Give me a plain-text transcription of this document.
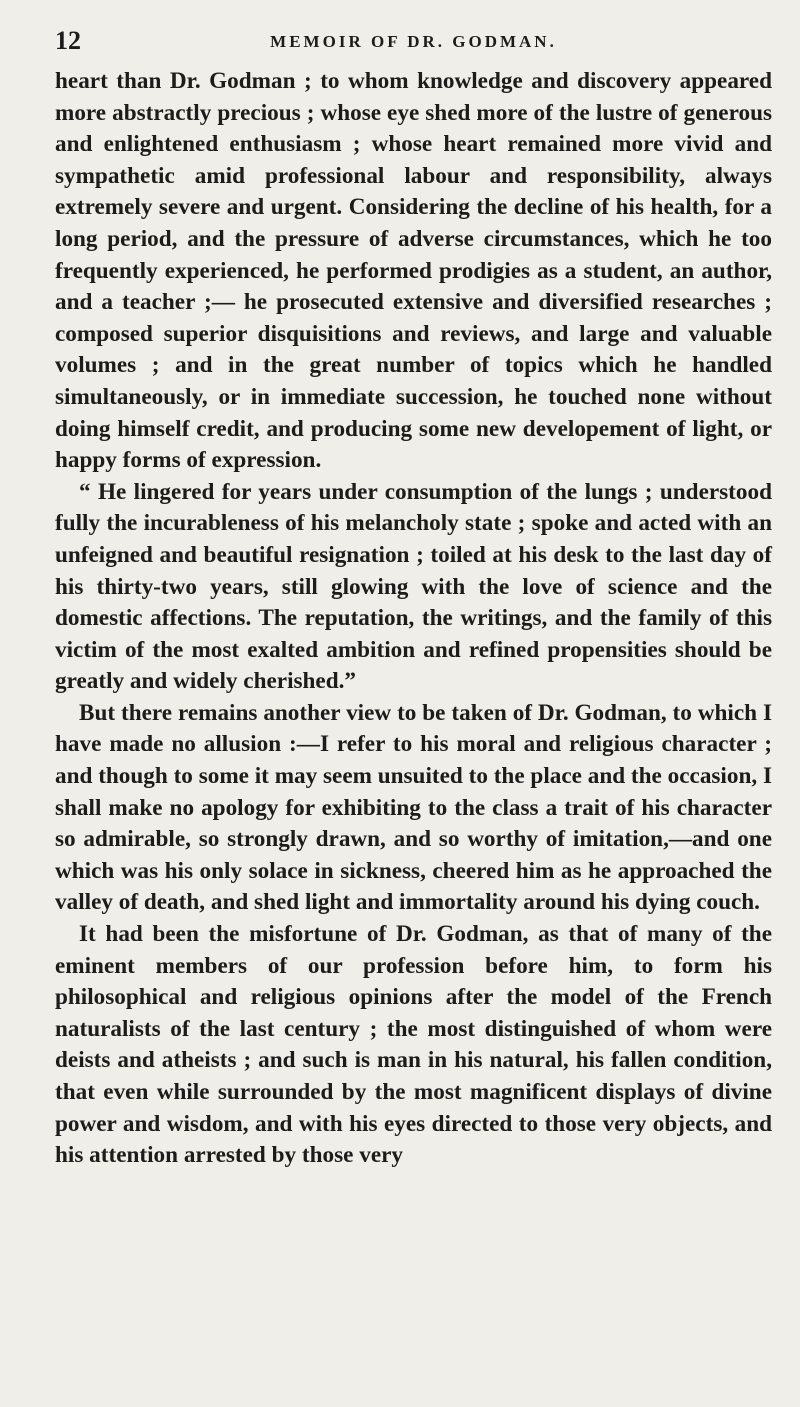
12	MEMOIR OF DR. GODMAN.

heart than Dr. Godman ; to whom knowledge and discovery appeared more abstractly precious ; whose eye shed more of the lustre of generous and enlightened enthusiasm ; whose heart remained more vivid and sympathetic amid professional labour and responsibility, always extremely severe and urgent. Considering the decline of his health, for a long period, and the pressure of adverse circumstances, which he too frequently experienced, he performed prodigies as a student, an author, and a teacher ;— he prosecuted extensive and diversified researches ; composed superior disquisitions and reviews, and large and valuable volumes ; and in the great number of topics which he handled simultaneously, or in immediate succession, he touched none without doing himself credit, and producing some new developement of light, or happy forms of expression.

“ He lingered for years under consumption of the lungs ; understood fully the incurableness of his melancholy state ; spoke and acted with an unfeigned and beautiful resignation ; toiled at his desk to the last day of his thirty-two years, still glowing with the love of science and the domestic affections. The reputation, the writings, and the family of this victim of the most exalted ambition and refined propensities should be greatly and widely cherished.”

But there remains another view to be taken of Dr. Godman, to which I have made no allusion :—I refer to his moral and religious character ; and though to some it may seem unsuited to the place and the occasion, I shall make no apology for exhibiting to the class a trait of his character so admirable, so strongly drawn, and so worthy of imitation,—and one which was his only solace in sickness, cheered him as he approached the valley of death, and shed light and immortality around his dying couch.

It had been the misfortune of Dr. Godman, as that of many of the eminent members of our profession before him, to form his philosophical and religious opinions after the model of the French naturalists of the last century ; the most distinguished of whom were deists and atheists ; and such is man in his natural, his fallen condition, that even while surrounded by the most magnificent displays of divine power and wisdom, and with his eyes directed to those very objects, and his attention arrested by those very
